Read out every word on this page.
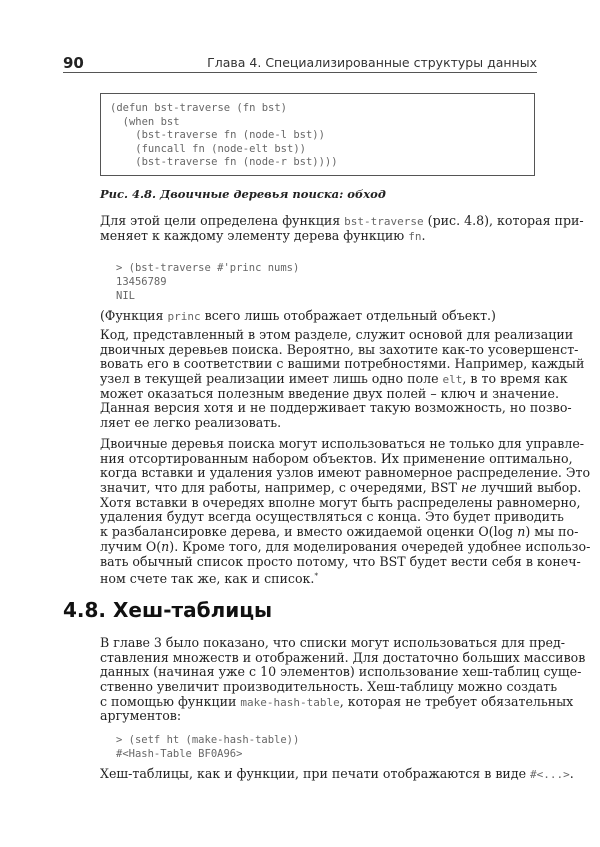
90	Глава 4. Специализированные структуры данных
(defun bst-traverse (fn bst)
(when bst
(bst-traverse fn (node-l bst))
(funcall fn (node-elt bst))
(bst-traverse fn (node-r bst))))
Рис. 4.8. Двоичные деревья поиска: обход
Для этой цели определена функция bst-traverse (рис. 4.8), которая при-
меняет к каждому элементу дерева функцию fn.
> (bst-traverse #'princ nums)
13456789
NIL
(Функция princ всего лишь отображает отдельный объект.)
Код, представленный в этом разделе, служит основой для реализации
двоичных деревьев поиска. Вероятно, вы захотите как-то усовершенст-
вовать его в соответствии с вашими потребностями. Например, каждый
узел в текущей реализации имеет лишь одно поле elt, в то время как
может оказаться полезным введение двух полей – ключ и значение.
Данная версия хотя и не поддерживает такую возможность, но позво-
ляет ее легко реализовать.
Двоичные деревья поиска могут использоваться не только для управле-
ния отсортированным набором объектов. Их применение оптимально,
когда вставки и удаления узлов имеют равномерное распределение. Это
значит, что для работы, например, с очередями, BST не лучший выбор.
Хотя вставки в очередях вполне могут быть распределены равномерно,
удаления будут всегда осуществляться с конца. Это будет приводить
к разбалансировке дерева, и вместо ожидаемой оценки O(log n) мы по-
лучим O(n). Кроме того, для моделирования очередей удобнее использо-
вать обычный список просто потому, что BST будет вести себя в конеч-
ном счете так же, как и список.*
4.8. Хеш-таблицы
В главе 3 было показано, что списки могут использоваться для пред-
ставления множеств и отображений. Для достаточно больших массивов
данных (начиная уже с 10 элементов) использование хеш-таблиц суще-
ственно увеличит производительность. Хеш-таблицу можно создать
с помощью функции make-hash-table, которая не требует обязательных
аргументов:
> (setf ht (make-hash-table))
#<Hash-Table BF0A96>
Хеш-таблицы, как и функции, при печати отображаются в виде #<...>.
